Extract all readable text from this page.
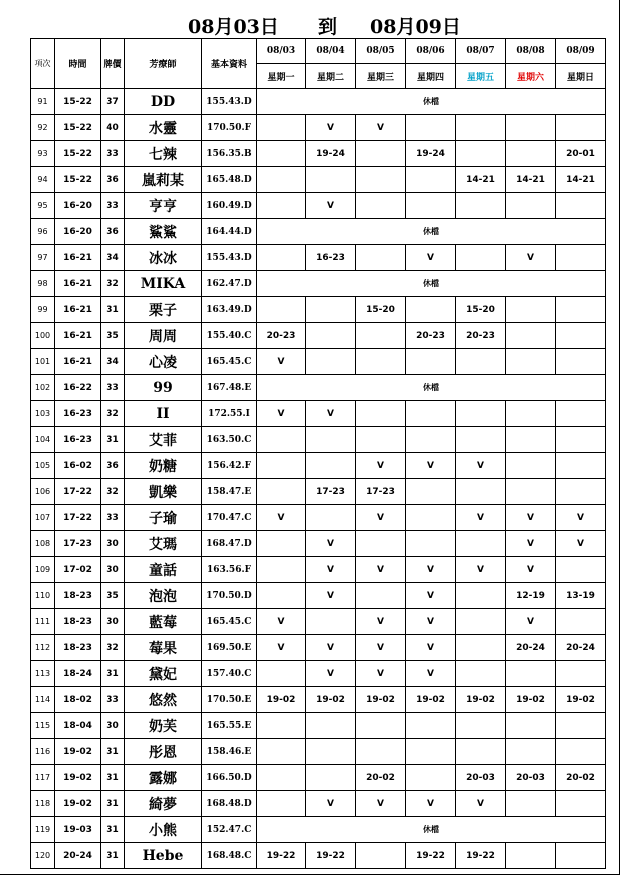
08月03日 到 08月09日
項次	時間	牌價	芳療師	基本資料	08/03	08/04	08/05	08/06	08/07	08/08	08/09
					星期一	星期二	星期三	星期四	星期五	星期六	星期日
91	15-22	37	DD	155.43.D	休檔						
92	15-22	40	水靈	170.50.F		V	V				
93	15-22	33	七辣	156.35.B		19-24		19-24			20-01
94	15-22	36	嵐莉某	165.48.D					14-21	14-21	14-21
95	16-20	33	亨亨	160.49.D		V					
96	16-20	36	鯊鯊	164.44.D	休檔						
97	16-21	34	冰冰	155.43.D		16-23		V		V	
98	16-21	32	MIKA	162.47.D	休檔						
99	16-21	31	栗子	163.49.D			15-20		15-20		
100	16-21	35	周周	155.40.C	20-23			20-23	20-23		
101	16-21	34	心凌	165.45.C	V						
102	16-22	33	99	167.48.E	休檔						
103	16-23	32	II	172.55.I	V	V					
104	16-23	31	艾菲	163.50.C							
105	16-02	36	奶糖	156.42.F			V	V	V		
106	17-22	32	凱樂	158.47.E		17-23	17-23				
107	17-22	33	子瑜	170.47.C	V		V		V	V	V
108	17-23	30	艾瑪	168.47.D		V				V	V
109	17-02	30	童話	163.56.F		V	V	V	V	V	
110	18-23	35	泡泡	170.50.D		V		V		12-19	13-19
111	18-23	30	藍莓	165.45.C	V		V	V		V	
112	18-23	32	莓果	169.50.E	V	V	V	V		20-24	20-24
113	18-24	31	黛妃	157.40.C		V	V	V			
114	18-02	33	悠然	170.50.E	19-02	19-02	19-02	19-02	19-02	19-02	19-02
115	18-04	30	奶芙	165.55.E							
116	19-02	31	彤恩	158.46.E							
117	19-02	31	露娜	166.50.D			20-02		20-03	20-03	20-02
118	19-02	31	綺夢	168.48.D		V	V	V	V		
119	19-03	31	小熊	152.47.C	休檔						
120	20-24	31	Hebe	168.48.C	19-22	19-22		19-22	19-22		
